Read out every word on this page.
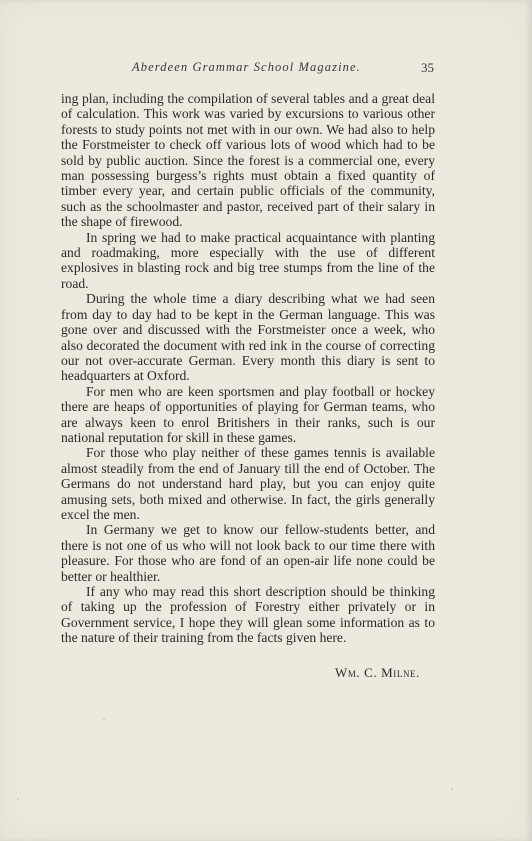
Aberdeen Grammar School Magazine.	35

ing plan, including the compilation of several tables and a great deal of calculation. This work was varied by excursions to various other forests to study points not met with in our own. We had also to help the Forstmeister to check off various lots of wood which had to be sold by public auction. Since the forest is a commercial one, every man possessing burgess’s rights must obtain a fixed quantity of timber every year, and certain public officials of the community, such as the schoolmaster and pastor, received part of their salary in the shape of firewood.

In spring we had to make practical acquaintance with planting and roadmaking, more especially with the use of different explosives in blasting rock and big tree stumps from the line of the road.

During the whole time a diary describing what we had seen from day to day had to be kept in the German language. This was gone over and discussed with the Forstmeister once a week, who also decorated the document with red ink in the course of correcting our not over-accurate German. Every month this diary is sent to headquarters at Oxford.

For men who are keen sportsmen and play football or hockey there are heaps of opportunities of playing for German teams, who are always keen to enrol Britishers in their ranks, such is our national reputation for skill in these games.

For those who play neither of these games tennis is available almost steadily from the end of January till the end of October. The Germans do not understand hard play, but you can enjoy quite amusing sets, both mixed and otherwise. In fact, the girls generally excel the men.

In Germany we get to know our fellow-students better, and there is not one of us who will not look back to our time there with pleasure. For those who are fond of an open-air life none could be better or healthier.

If any who may read this short description should be thinking of taking up the profession of Forestry either privately or in Government service, I hope they will glean some information as to the nature of their training from the facts given here.

Wm. C. Milne.
